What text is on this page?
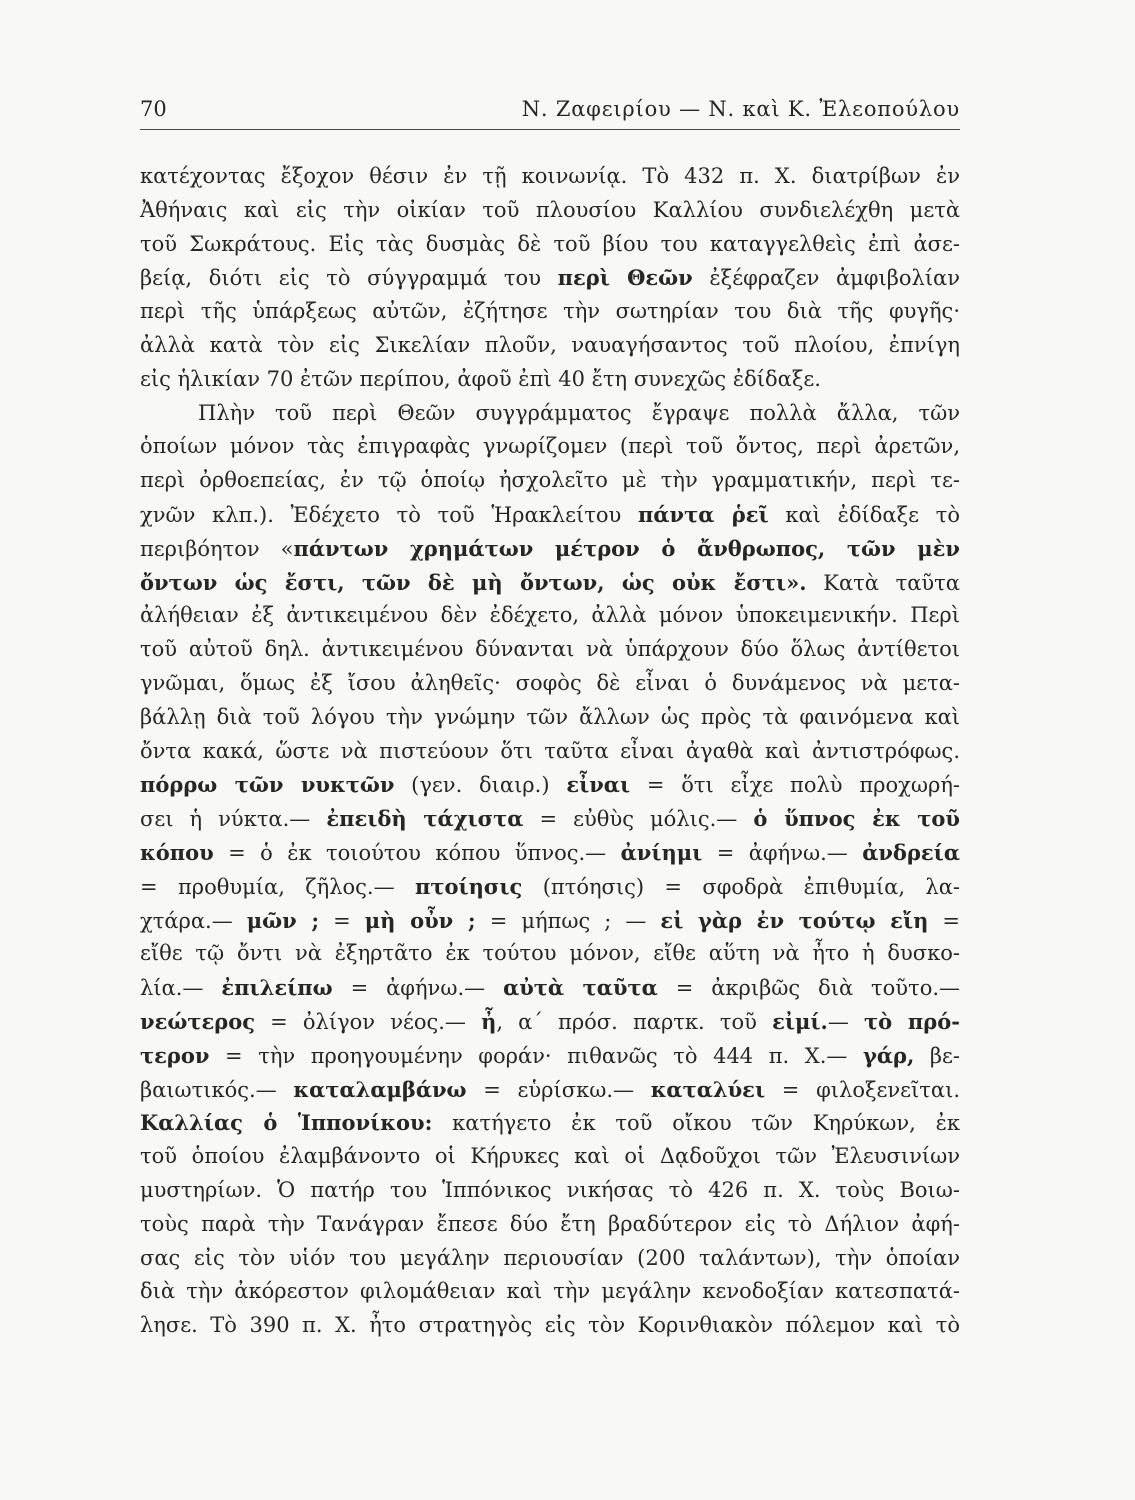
70	Ν. Ζαφειρίου — Ν. καὶ Κ. Ἐλεοπούλου
κατέχοντας ἔξοχον θέσιν ἐν τῇ κοινωνίᾳ. Τὸ 432 π. Χ. διατρίβων ἐν
Ἀθήναις καὶ εἰς τὴν οἰκίαν τοῦ πλουσίου Καλλίου συνδιελέχθη μετὰ
τοῦ Σωκράτους. Εἰς τὰς δυσμὰς δὲ τοῦ βίου του καταγγελθεὶς ἐπὶ ἀσε-
βείᾳ, διότι εἰς τὸ σύγγραμμά του περὶ Θεῶν ἐξέφραζεν ἀμφιβολίαν
περὶ τῆς ὑπάρξεως αὐτῶν, ἐζήτησε τὴν σωτηρίαν του διὰ τῆς φυγῆς·
ἀλλὰ κατὰ τὸν εἰς Σικελίαν πλοῦν, ναυαγήσαντος τοῦ πλοίου, ἐπνίγη
εἰς ἡλικίαν 70 ἐτῶν περίπου, ἀφοῦ ἐπὶ 40 ἔτη συνεχῶς ἐδίδαξε.
Πλὴν τοῦ περὶ Θεῶν συγγράμματος ἔγραψε πολλὰ ἄλλα, τῶν
ὁποίων μόνον τὰς ἐπιγραφὰς γνωρίζομεν (περὶ τοῦ ὄντος, περὶ ἀρετῶν,
περὶ ὀρθοεπείας, ἐν τῷ ὁποίῳ ἠσχολεῖτο μὲ τὴν γραμματικήν, περὶ τε-
χνῶν κλπ.). Ἐδέχετο τὸ τοῦ Ἡρακλείτου πάντα ῥεῖ καὶ ἐδίδαξε τὸ
περιβόητον «πάντων χρημάτων μέτρον ὁ ἄνθρωπος, τῶν μὲν
ὄντων ὡς ἔστι, τῶν δὲ μὴ ὄντων, ὡς οὐκ ἔστι». Κατὰ ταῦτα
ἀλήθειαν ἐξ ἀντικειμένου δὲν ἐδέχετο, ἀλλὰ μόνον ὑποκειμενικήν. Περὶ
τοῦ αὐτοῦ δηλ. ἀντικειμένου δύνανται νὰ ὑπάρχουν δύο ὅλως ἀντίθετοι
γνῶμαι, ὅμως ἐξ ἴσου ἀληθεῖς· σοφὸς δὲ εἶναι ὁ δυνάμενος νὰ μετα-
βάλλῃ διὰ τοῦ λόγου τὴν γνώμην τῶν ἄλλων ὡς πρὸς τὰ φαινόμενα καὶ
ὄντα κακά, ὥστε νὰ πιστεύουν ὅτι ταῦτα εἶναι ἀγαθὰ καὶ ἀντιστρόφως.
πόρρω τῶν νυκτῶν (γεν. διαιρ.) εἶναι = ὅτι εἶχε πολὺ προχωρή-
σει ἡ νύκτα.— ἐπειδὴ τάχιστα = εὐθὺς μόλις.— ὁ ὕπνος ἐκ τοῦ
κόπου = ὁ ἐκ τοιούτου κόπου ὕπνος.— ἀνίημι = ἀφήνω.— ἀνδρεία
= προθυμία, ζῆλος.— πτοίησις (πτόησις) = σφοδρὰ ἐπιθυμία, λα-
χτάρα.— μῶν ; = μὴ οὖν ; = μήπως ; — εἰ γὰρ ἐν τούτῳ εἴη =
εἴθε τῷ ὄντι νὰ ἐξηρτᾶτο ἐκ τούτου μόνον, εἴθε αὕτη νὰ ἦτο ἡ δυσκο-
λία.— ἐπιλείπω = ἀφήνω.— αὐτὰ ταῦτα = ἀκριβῶς διὰ τοῦτο.—
νεώτερος = ὀλίγον νέος.— ἦ, α΄ πρόσ. παρτκ. τοῦ εἰμί.— τὸ πρό-
τερον = τὴν προηγουμένην φοράν· πιθανῶς τὸ 444 π. Χ.— γάρ, βε-
βαιωτικός.— καταλαμβάνω = εὑρίσκω.— καταλύει = φιλοξενεῖται.
Καλλίας ὁ Ἱππονίκου: κατήγετο ἐκ τοῦ οἴκου τῶν Κηρύκων, ἐκ
τοῦ ὁποίου ἐλαμβάνοντο οἱ Κήρυκες καὶ οἱ Δᾳδοῦχοι τῶν Ἐλευσινίων
μυστηρίων. Ὁ πατήρ του Ἱππόνικος νικήσας τὸ 426 π. Χ. τοὺς Βοιω-
τοὺς παρὰ τὴν Τανάγραν ἔπεσε δύο ἔτη βραδύτερον εἰς τὸ Δήλιον ἀφή-
σας εἰς τὸν υἱόν του μεγάλην περιουσίαν (200 ταλάντων), τὴν ὁποίαν
διὰ τὴν ἀκόρεστον φιλομάθειαν καὶ τὴν μεγάλην κενοδοξίαν κατεσπατά-
λησε. Τὸ 390 π. Χ. ἦτο στρατηγὸς εἰς τὸν Κορινθιακὸν πόλεμον καὶ τὸ
